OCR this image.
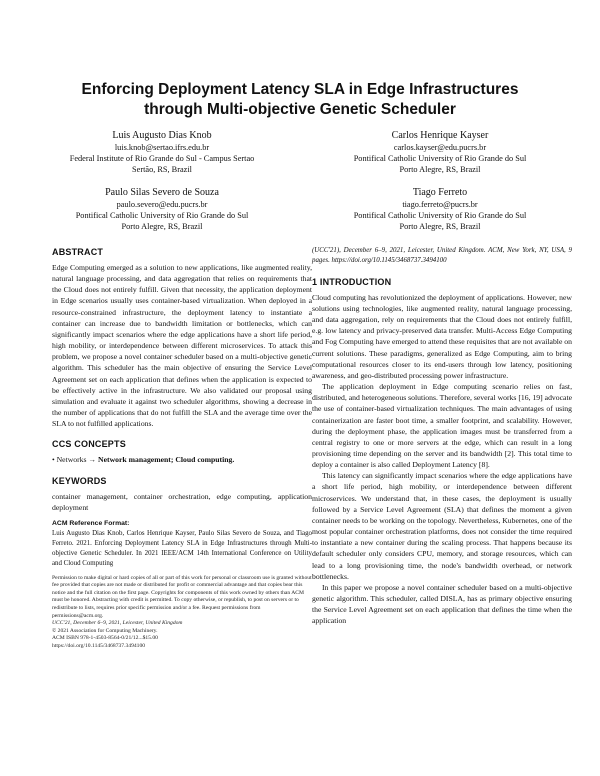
Enforcing Deployment Latency SLA in Edge Infrastructures
through Multi-objective Genetic Scheduler
Luis Augusto Dias Knob
luis.knob@sertao.ifrs.edu.br
Federal Institute of Rio Grande do Sul - Campus Sertao
Sertão, RS, Brazil
Carlos Henrique Kayser
carlos.kayser@edu.pucrs.br
Pontifical Catholic University of Rio Grande do Sul
Porto Alegre, RS, Brazil
Paulo Silas Severo de Souza
paulo.severo@edu.pucrs.br
Pontifical Catholic University of Rio Grande do Sul
Porto Alegre, RS, Brazil
Tiago Ferreto
tiago.ferreto@pucrs.br
Pontifical Catholic University of Rio Grande do Sul
Porto Alegre, RS, Brazil
ABSTRACT

Edge Computing emerged as a solution to new applications, like augmented reality, natural language processing, and data aggregation that relies on requirements that the Cloud does not entirely fulfill. Given that necessity, the application deployment in Edge scenarios usually uses container-based virtualization. When deployed in a resource-constrained infrastructure, the deployment latency to instantiate a container can increase due to bandwidth limitation or bottlenecks, which can significantly impact scenarios where the edge applications have a short life period, high mobility, or interdependence between different microservices. To attack this problem, we propose a novel container scheduler based on a multi-objective genetic algorithm. This scheduler has the main objective of ensuring the Service Level Agreement set on each application that defines when the application is expected to be effectively active in the infrastructure. We also validated our proposal using simulation and evaluate it against two scheduler algorithms, showing a decrease in the number of applications that do not fulfill the SLA and the average time over the SLA to not fulfilled applications.

CCS CONCEPTS

• Networks → Network management; Cloud computing.

KEYWORDS

container management, container orchestration, edge computing, application deployment

ACM Reference Format:

Luis Augusto Dias Knob, Carlos Henrique Kayser, Paulo Silas Severo de Souza, and Tiago Ferreto. 2021. Enforcing Deployment Latency SLA in Edge Infrastructures through Multi-objective Genetic Scheduler. In 2021 IEEE/ACM 14th International Conference on Utility and Cloud Computing

Permission to make digital or hard copies of all or part of this work for personal or classroom use is granted without fee provided that copies are not made or distributed for profit or commercial advantage and that copies bear this notice and the full citation on the first page. Copyrights for components of this work owned by others than ACM must be honored. Abstracting with credit is permitted. To copy otherwise, or republish, to post on servers or to redistribute to lists, requires prior specific permission and/or a fee. Request permissions from permissions@acm.org.
UCC'21, December 6–9, 2021, Leicester, United Kingdom
© 2021 Association for Computing Machinery.
ACM ISBN 978-1-4503-8564-0/21/12...$15.00
https://doi.org/10.1145/3468737.3494100

(UCC'21), December 6–9, 2021, Leicester, United Kingdom. ACM, New York, NY, USA, 9 pages. https://doi.org/10.1145/3468737.3494100

1 INTRODUCTION

Cloud computing has revolutionized the deployment of applications. However, new solutions using technologies, like augmented reality, natural language processing, and data aggregation, rely on requirements that the Cloud does not entirely fulfill, e.g. low latency and privacy-preserved data transfer. Multi-Access Edge Computing and Fog Computing have emerged to attend these requisites that are not available on current solutions. These paradigms, generalized as Edge Computing, aim to bring computational resources closer to its end-users through low latency, positioning awareness, and geo-distributed processing power infrastructure.

The application deployment in Edge computing scenario relies on fast, distributed, and heterogeneous solutions. Therefore, several works [16, 19] advocate the use of container-based virtualization techniques. The main advantages of using containerization are faster boot time, a smaller footprint, and scalability. However, during the deployment phase, the application images must be transferred from a central registry to one or more servers at the edge, which can result in a long provisioning time depending on the server and its bandwidth [2]. This total time to deploy a container is also called Deployment Latency [8].

This latency can significantly impact scenarios where the edge applications have a short life period, high mobility, or interdependence between different microservices. We understand that, in these cases, the deployment is usually followed by a Service Level Agreement (SLA) that defines the moment a given container needs to be working on the topology. Nevertheless, Kubernetes, one of the most popular container orchestration platforms, does not consider the time required to instantiate a new container during the scaling process. That happens because its default scheduler only considers CPU, memory, and storage resources, which can lead to a long provisioning time, the node's bandwidth overhead, or network bottlenecks.

In this paper we propose a novel container scheduler based on a multi-objective genetic algorithm. This scheduler, called DISLA, has as primary objective ensuring the Service Level Agreement set on each application that defines the time when the application
